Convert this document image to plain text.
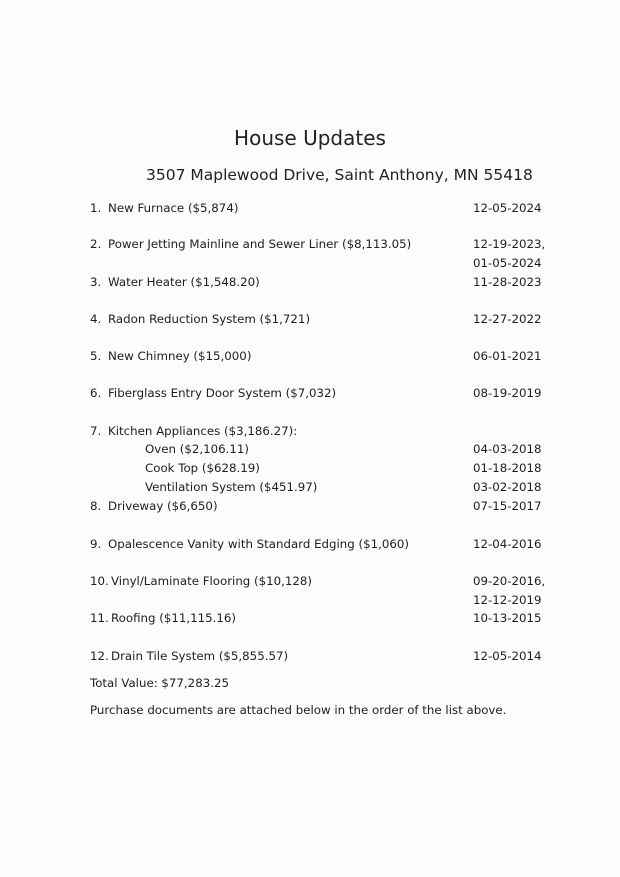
House Updates
3507 Maplewood Drive, Saint Anthony, MN 55418
1. New Furnace ($5,874)	12-05-2024
2. Power Jetting Mainline and Sewer Liner ($8,113.05)	12-19-2023,
01-05-2024
3. Water Heater ($1,548.20)	11-28-2023
4. Radon Reduction System ($1,721)	12-27-2022
5. New Chimney ($15,000)	06-01-2021
6. Fiberglass Entry Door System ($7,032)	08-19-2019
7. Kitchen Appliances ($3,186.27):
Oven ($2,106.11)	04-03-2018
Cook Top ($628.19)	01-18-2018
Ventilation System ($451.97)	03-02-2018
8. Driveway ($6,650)	07-15-2017
9. Opalescence Vanity with Standard Edging ($1,060)	12-04-2016
10. Vinyl/Laminate Flooring ($10,128)	09-20-2016,
12-12-2019
11. Roofing ($11,115.16)	10-13-2015
12. Drain Tile System ($5,855.57)	12-05-2014
Total Value: $77,283.25
Purchase documents are attached below in the order of the list above.
